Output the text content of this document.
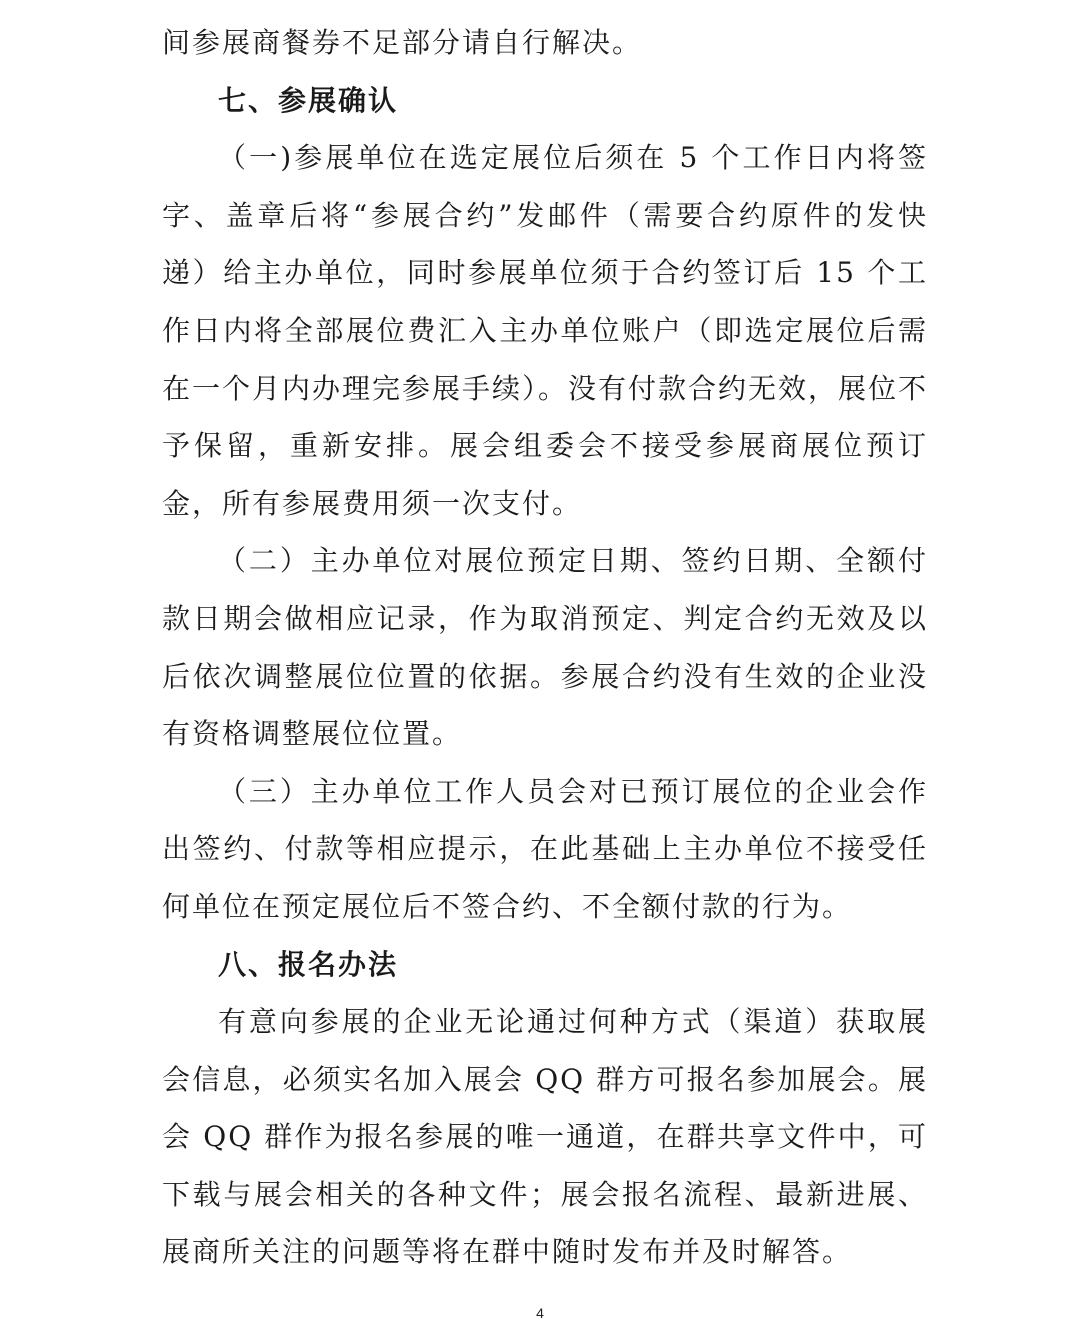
间参展商餐券不足部分请自行解决。

七、参展确认

（一)参展单位在选定展位后须在 5 个工作日内将签字、盖章后将“参展合约”发邮件（需要合约原件的发快递）给主办单位，同时参展单位须于合约签订后 15 个工作日内将全部展位费汇入主办单位账户（即选定展位后需在一个月内办理完参展手续）。没有付款合约无效，展位不予保留，重新安排。展会组委会不接受参展商展位预订金，所有参展费用须一次支付。

（二）主办单位对展位预定日期、签约日期、全额付款日期会做相应记录，作为取消预定、判定合约无效及以后依次调整展位位置的依据。参展合约没有生效的企业没有资格调整展位位置。

（三）主办单位工作人员会对已预订展位的企业会作出签约、付款等相应提示，在此基础上主办单位不接受任何单位在预定展位后不签合约、不全额付款的行为。

八、报名办法

有意向参展的企业无论通过何种方式（渠道）获取展会信息，必须实名加入展会 QQ 群方可报名参加展会。展会 QQ 群作为报名参展的唯一通道，在群共享文件中，可下载与展会相关的各种文件；展会报名流程、最新进展、展商所关注的问题等将在群中随时发布并及时解答。

4
